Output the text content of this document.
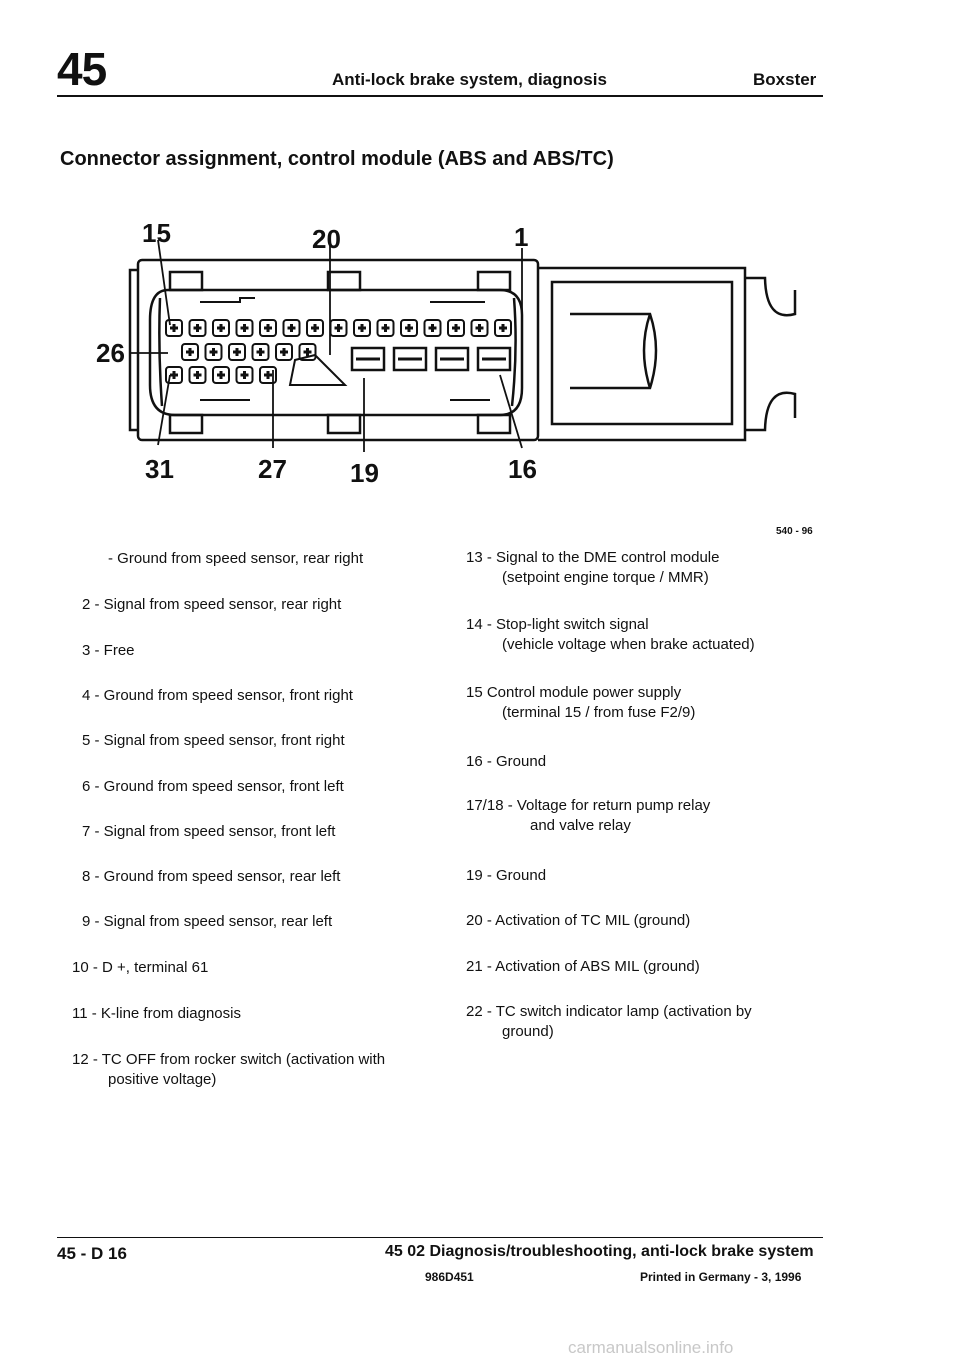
45	Anti-lock brake system, diagnosis	Boxster
Connector assignment, control module (ABS and ABS/TC)
15	20	1
26
31	27 19	16
540 - 96
- Ground from speed sensor, rear right
2 - Signal from speed sensor, rear right
3 - Free
4 - Ground from speed sensor, front right
5 - Signal from speed sensor, front right
6 - Ground from speed sensor, front left
7 - Signal from speed sensor, front left
8 - Ground from speed sensor, rear left
9 - Signal from speed sensor, rear left
10 - D +, terminal 61
11 - K-line from diagnosis
12 - TC OFF from rocker switch (activation with
positive voltage)
13 - Signal to the DME control module
(setpoint engine torque / MMR)
14 - Stop-light switch signal
(vehicle voltage when brake actuated)
15 Control module power supply
(terminal 15 / from fuse F2/9)
16 - Ground
17/18 - Voltage for return pump relay
and valve relay
19 - Ground
20 - Activation of TC MIL (ground)
21 - Activation of ABS MIL (ground)
22 - TC switch indicator lamp (activation by
ground)
45 - D 16	45 02 Diagnosis/troubleshooting, anti-lock brake system
986D451	Printed in Germany - 3, 1996
carmanualsonline.info
